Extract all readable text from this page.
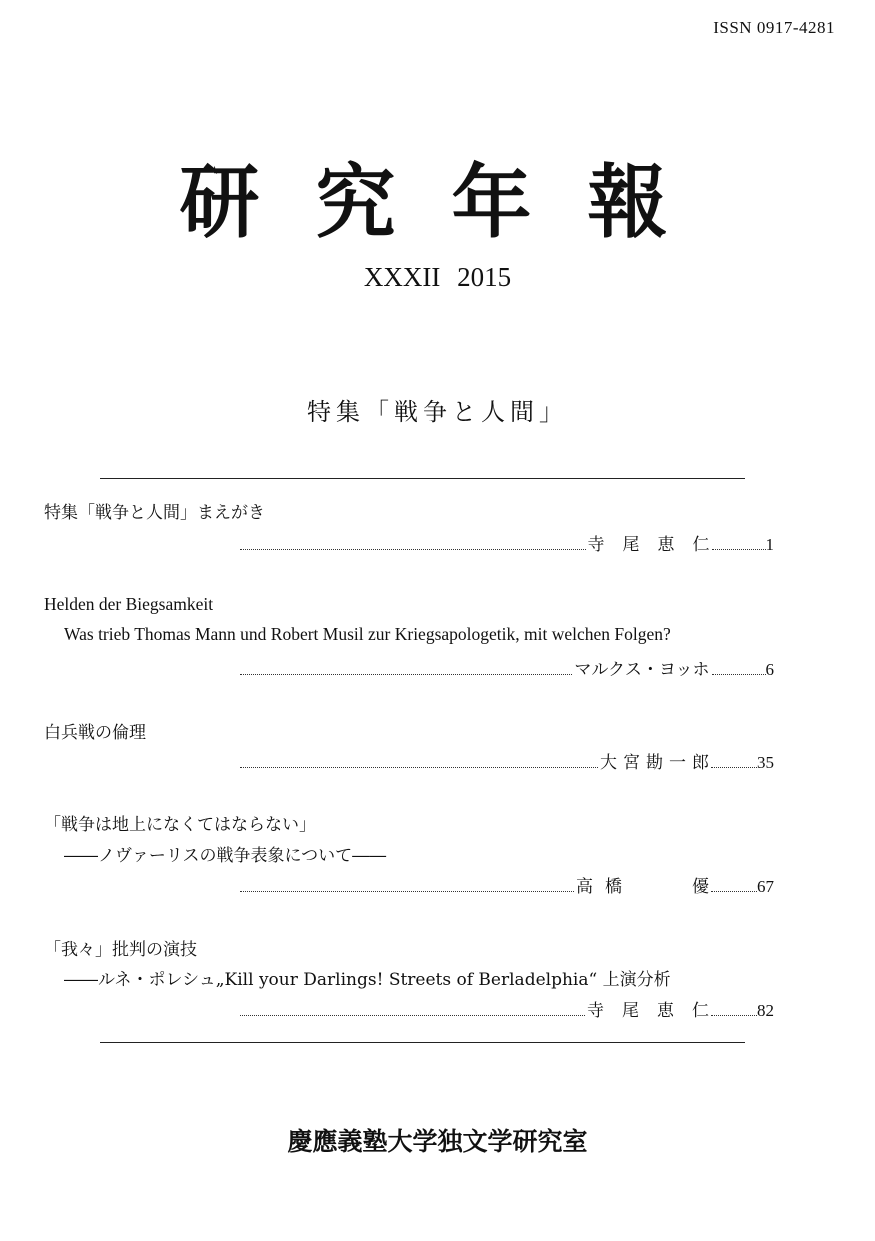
ISSN 0917-4281
研究年報
XXXII 2015
特集「戦争と人間」
特集「戦争と人間」まえがき
寺尾恵仁 1
Helden der Biegsamkeit
Was trieb Thomas Mann und Robert Musil zur Kriegsapologetik, mit welchen Folgen?
マルクス・ヨッホ	6
白兵戦の倫理
大宮勘一郎 35
「戦争は地上になくてはならない」
――ノヴァーリスの戦争表象について――
高橋　　優 67
「我々」批判の演技
――ルネ・ポレシュ„Kill your Darlings! Streets of Berladelphia“ 上演分析
寺尾恵仁 82
慶應義塾大学独文学研究室
